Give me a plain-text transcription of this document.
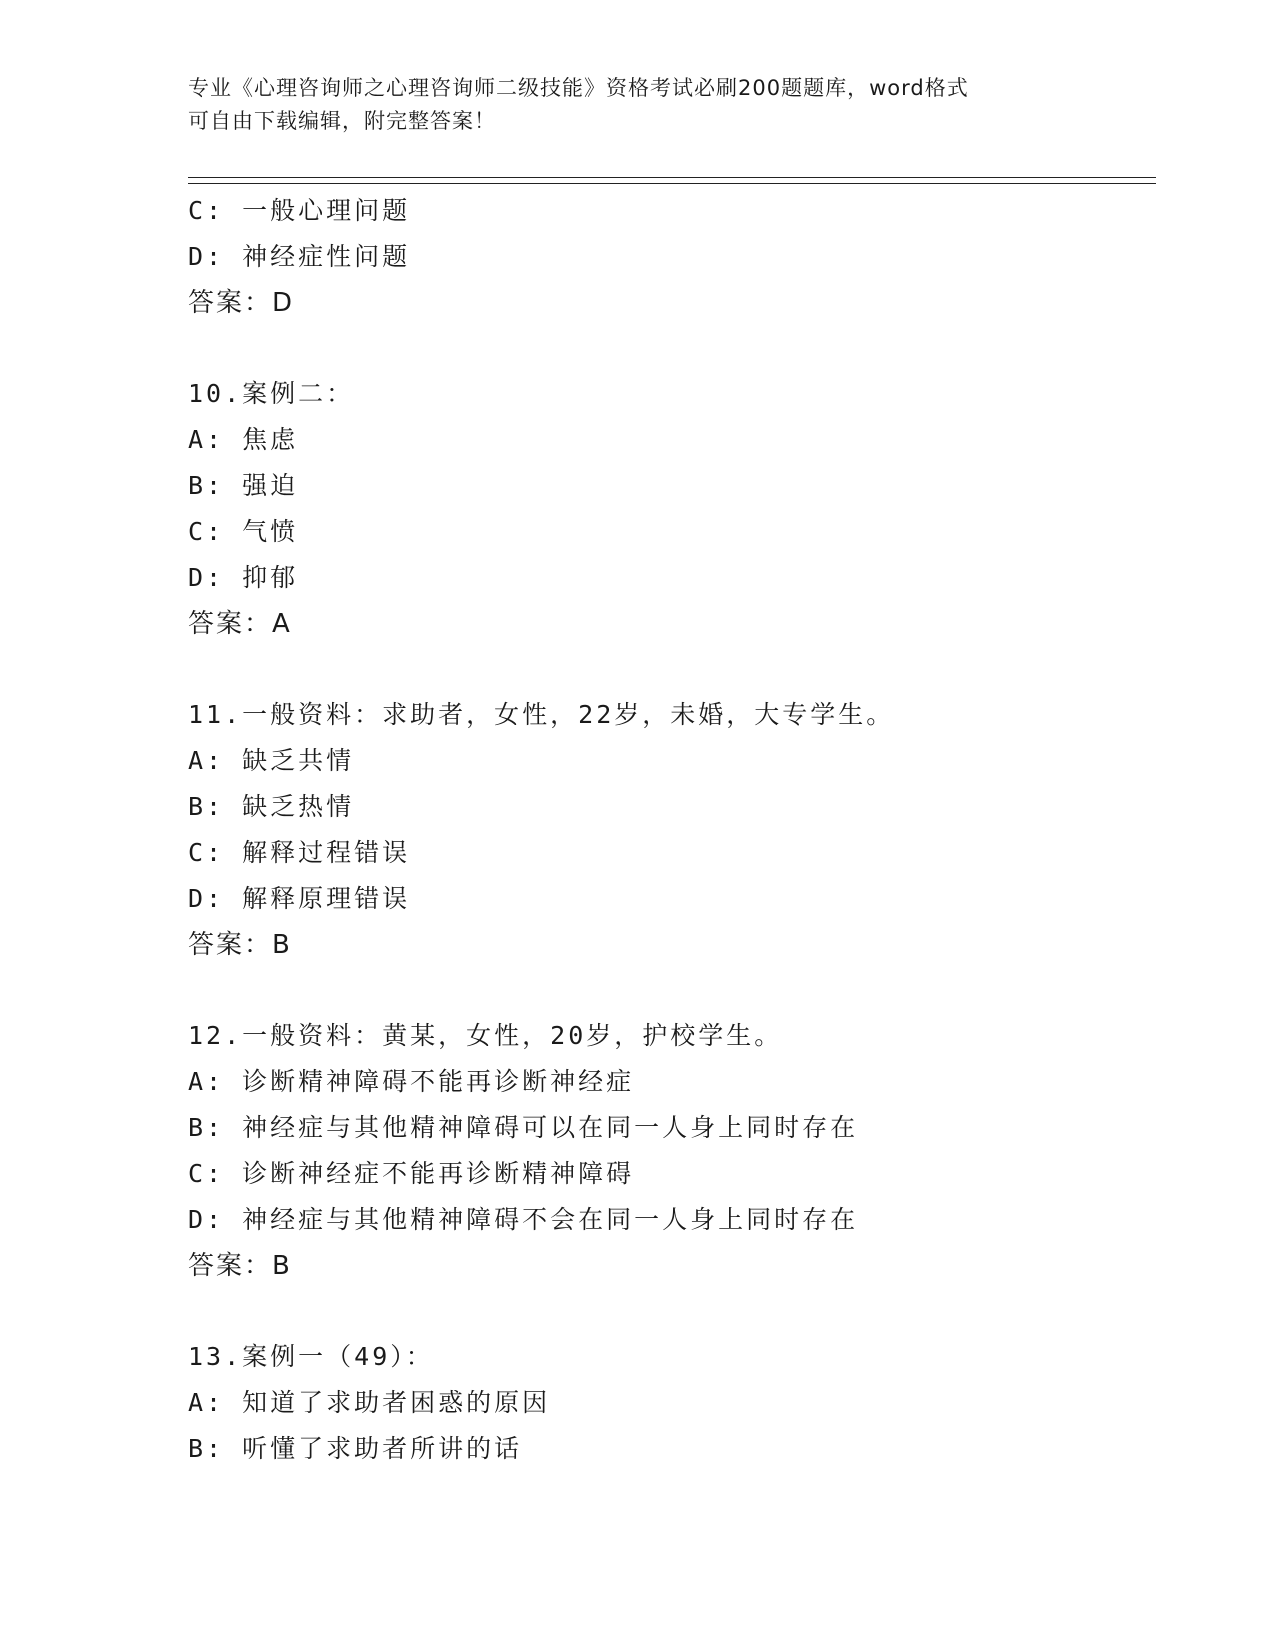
专业《心理咨询师之心理咨询师二级技能》资格考试必刷200题题库，word格式
可自由下载编辑，附完整答案！
C: 一般心理问题
D: 神经症性问题
答案：D
10.案例二：
A: 焦虑
B: 强迫
C: 气愤
D: 抑郁
答案：A
11.一般资料：求助者，女性，22岁，未婚，大专学生。
A: 缺乏共情
B: 缺乏热情
C: 解释过程错误
D: 解释原理错误
答案：B
12.一般资料：黄某，女性，20岁，护校学生。
A: 诊断精神障碍不能再诊断神经症
B: 神经症与其他精神障碍可以在同一人身上同时存在
C: 诊断神经症不能再诊断精神障碍
D: 神经症与其他精神障碍不会在同一人身上同时存在
答案：B
13.案例一（49）：
A: 知道了求助者困惑的原因
B: 听懂了求助者所讲的话
